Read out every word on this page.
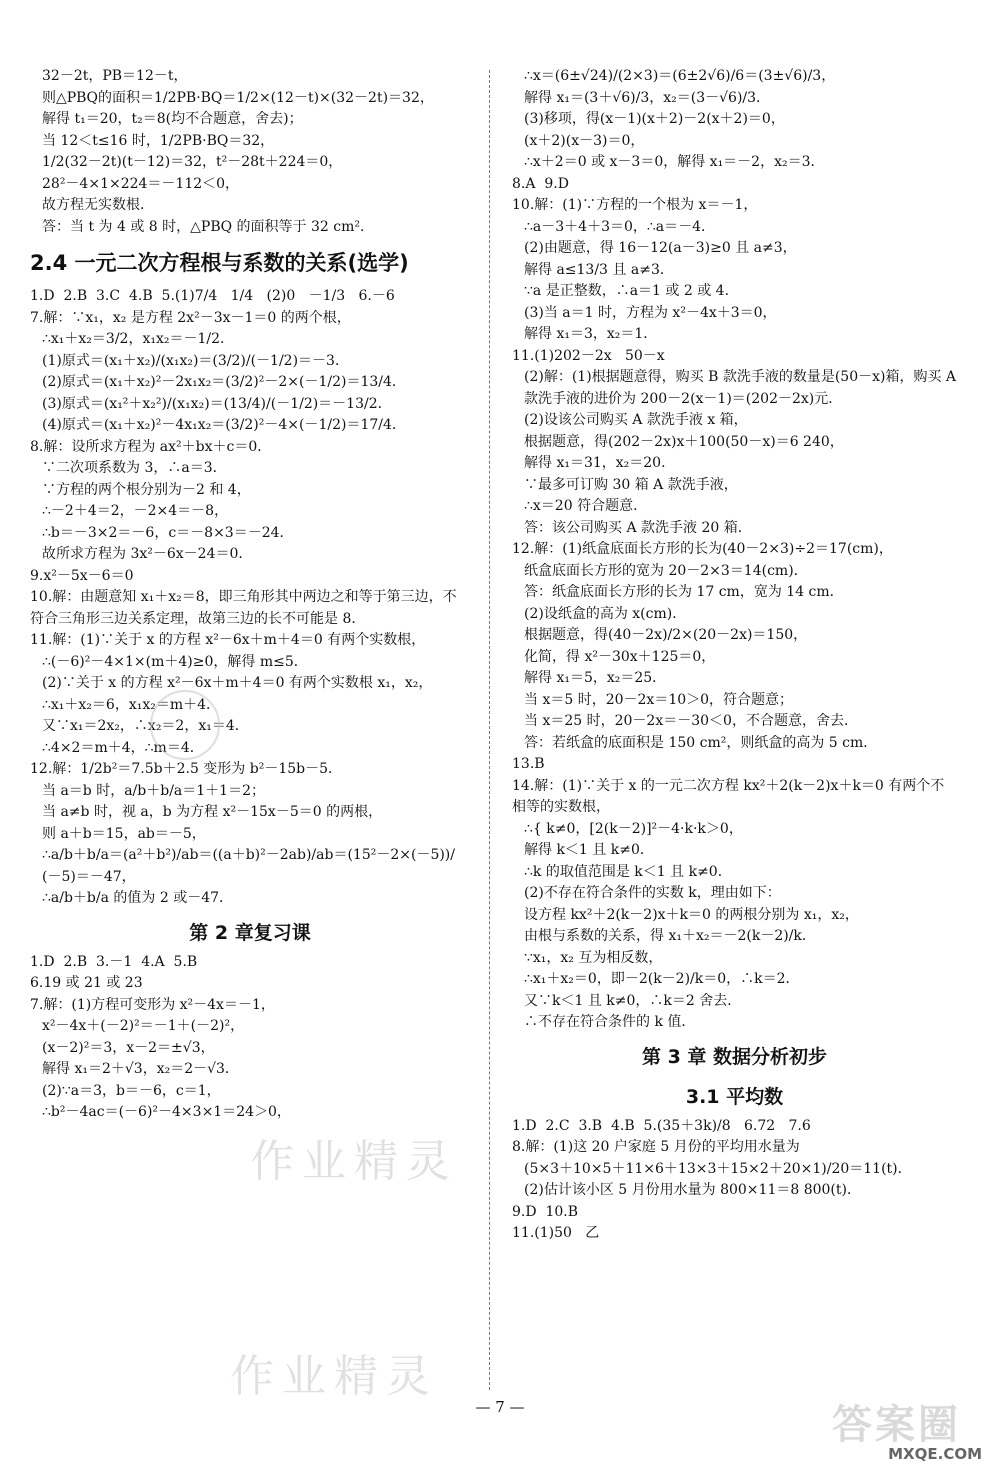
32－2t，PB＝12－t，
则△PBQ的面积＝1/2PB·BQ＝1/2×(12－t)×(32－2t)＝32，
解得 t₁＝20，t₂＝8(均不合题意，舍去)；
当 12＜t≤16 时，1/2PB·BQ＝32，
1/2(32－2t)(t－12)＝32，t²－28t＋224＝0，
28²－4×1×224＝－112＜0，
故方程无实数根．
答：当 t 为 4 或 8 时，△PBQ 的面积等于 32 cm²．
2.4 一元二次方程根与系数的关系(选学)
1.D  2.B  3.C  4.B  5.(1)7/4   1/4   (2)0   －1/3   6.－6
7.解：∵x₁，x₂ 是方程 2x²－3x－1＝0 的两个根，
∴x₁＋x₂＝3/2，x₁x₂＝－1/2．
(1)原式＝(x₁＋x₂)/(x₁x₂)＝(3/2)/(－1/2)＝－3．
(2)原式＝(x₁＋x₂)²－2x₁x₂＝(3/2)²－2×(－1/2)＝13/4．
(3)原式＝(x₁²＋x₂²)/(x₁x₂)＝(13/4)/(－1/2)＝－13/2．
(4)原式＝(x₁＋x₂)²－4x₁x₂＝(3/2)²－4×(－1/2)＝17/4．
8.解：设所求方程为 ax²＋bx＋c＝0．
∵二次项系数为 3，∴a＝3．
∵方程的两个根分别为－2 和 4，
∴－2＋4＝2，－2×4＝－8，
∴b＝－3×2＝－6，c＝－8×3＝－24．
故所求方程为 3x²－6x－24＝0．
9.x²－5x－6＝0
10.解：由题意知 x₁＋x₂＝8，即三角形其中两边之和等于第三边，不符合三角形三边关系定理，故第三边的长不可能是 8．
11.解：(1)∵关于 x 的方程 x²－6x＋m＋4＝0 有两个实数根，
∴(－6)²－4×1×(m＋4)≥0，解得 m≤5．
(2)∵关于 x 的方程 x²－6x＋m＋4＝0 有两个实数根 x₁，x₂，
∴x₁＋x₂＝6，x₁x₂＝m＋4．
又∵x₁＝2x₂，∴x₂＝2，x₁＝4．
∴4×2＝m＋4，∴m＝4．
12.解：1/2b²＝7.5b＋2.5 变形为 b²－15b－5．
当 a＝b 时，a/b＋b/a＝1＋1＝2；
当 a≠b 时，视 a，b 为方程 x²－15x－5＝0 的两根，
则 a＋b＝15，ab＝－5，
∴a/b＋b/a＝(a²＋b²)/ab＝((a＋b)²－2ab)/ab＝(15²－2×(－5))/(－5)＝－47，
∴a/b＋b/a 的值为 2 或－47．
第 2 章复习课
1.D  2.B  3.－1  4.A  5.B
6.19 或 21 或 23
7.解：(1)方程可变形为 x²－4x＝－1，
x²－4x＋(－2)²＝－1＋(－2)²，
(x－2)²＝3，x－2＝±√3，
解得 x₁＝2＋√3，x₂＝2－√3．
(2)∵a＝3，b＝－6，c＝1，
∴b²－4ac＝(－6)²－4×3×1＝24＞0，
∴x＝(6±√24)/(2×3)＝(6±2√6)/6＝(3±√6)/3，
解得 x₁＝(3＋√6)/3，x₂＝(3－√6)/3．
(3)移项，得(x－1)(x＋2)－2(x＋2)＝0，
(x＋2)(x－3)＝0，
∴x＋2＝0 或 x－3＝0，解得 x₁＝－2，x₂＝3．
8.A  9.D
10.解：(1)∵方程的一个根为 x＝－1，
∴a－3＋4＋3＝0，∴a＝－4．
(2)由题意，得 16－12(a－3)≥0 且 a≠3，
解得 a≤13/3 且 a≠3．
∵a 是正整数，∴a＝1 或 2 或 4．
(3)当 a＝1 时，方程为 x²－4x＋3＝0，
解得 x₁＝3，x₂＝1．
11.(1)202－2x   50－x
(2)解：(1)根据题意得，购买 B 款洗手液的数量是(50－x)箱，购买 A 款洗手液的进价为 200－2(x－1)＝(202－2x)元．
(2)设该公司购买 A 款洗手液 x 箱，
根据题意，得(202－2x)x＋100(50－x)＝6 240，
解得 x₁＝31，x₂＝20．
∵最多可订购 30 箱 A 款洗手液，
∴x＝20 符合题意．
答：该公司购买 A 款洗手液 20 箱．
12.解：(1)纸盒底面长方形的长为(40－2×3)÷2＝17(cm)，
纸盒底面长方形的宽为 20－2×3＝14(cm)．
答：纸盒底面长方形的长为 17 cm，宽为 14 cm．
(2)设纸盒的高为 x(cm)．
根据题意，得(40－2x)/2×(20－2x)＝150，
化简，得 x²－30x＋125＝0，
解得 x₁＝5，x₂＝25．
当 x＝5 时，20－2x＝10＞0，符合题意；
当 x＝25 时，20－2x＝－30＜0，不合题意，舍去．
答：若纸盒的底面积是 150 cm²，则纸盒的高为 5 cm．
13.B
14.解：(1)∵关于 x 的一元二次方程 kx²＋2(k－2)x＋k＝0 有两个不相等的实数根，
∴{ k≠0，[2(k－2)]²－4·k·k＞0，
解得 k＜1 且 k≠0．
∴k 的取值范围是 k＜1 且 k≠0．
(2)不存在符合条件的实数 k，理由如下：
设方程 kx²＋2(k－2)x＋k＝0 的两根分别为 x₁，x₂，
由根与系数的关系，得 x₁＋x₂＝－2(k－2)/k．
∵x₁，x₂ 互为相反数，
∴x₁＋x₂＝0，即－2(k－2)/k＝0，∴k＝2．
又∵k＜1 且 k≠0，∴k＝2 舍去．
∴不存在符合条件的 k 值．
第 3 章 数据分析初步
3.1 平均数
1.D  2.C  3.B  4.B  5.(35＋3k)/8   6.72   7.6
8.解：(1)这 20 户家庭 5 月份的平均用水量为
(5×3＋10×5＋11×6＋13×3＋15×2＋20×1)/20＝11(t)．
(2)估计该小区 5 月份用水量为 800×11＝8 800(t)．
9.D  10.B
11.(1)50   乙
作业精灵
作业精灵
— 7 —	答案圈
MXQE.COM
